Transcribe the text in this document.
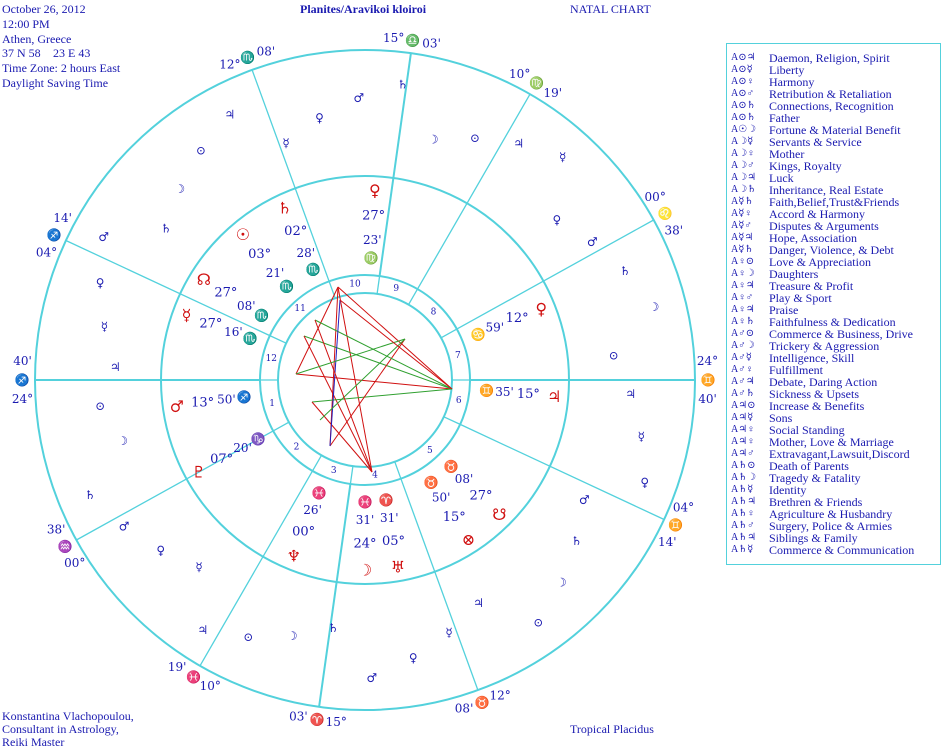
October 26, 2012
12:00 PM
Athen, Greece
37 N 58 23 E 43
Time Zone: 2 hours East
Daylight Saving Time
Planites/Aravikoi kloiroi	NATAL CHART
Konstantina Vlachopoulou,
Consultant in Astrology,
Reiki Master
Tropical Placidus
24°
♐
40'
00°
♒
38'
10°
♓
19'
15°
♈
03'
12°
♉
08'
04°
♊
14'
24°
♊
40'
00°
♌
38'
10°
♍
19'
15° ♎ 03'
12° ♏ 08'
04°
♐
14'
1
2
3	4
5
6
7
8
9
10
11
12
♀
27°
♍
23'
♄
02°
♏
28'
☉
03°
♏
21'
☊
27°
♏
08'
☿ 27°
♏
16'
♂ 13° ♐
50'
♇
07°
♑
20'
♆
00°
♓
26'
☽
24°
♓
31'
♅
05°
♈
31'
⊗
15°
♉
50'
☋
27°
♉
08'
♃
15°
♊ 35'
♀
12°
♋ 59'
♃
☿
♀
♂
♄
☽
⊙
♃
☿
♀
♂
♄
☽	⊙	♃
☿
♀
♂
♄
☽
⊙
♃
☿
♀
♂
♄
☽
⊙
♃
☿
♀
♂
♄
☽
⊙
♃
☿
♀
♂
♄
☽
⊙
A⊙♃	Daemon, Religion, Spirit
A⊙☿	Liberty
A⊙♀	Harmony
A⊙♂	Retribution & Retaliation
A⊙♄	Connections, Recognition
A⊙♄	Father
A☉☽	Fortune & Material Benefit
A☽☿	Servants & Service
A☽♀	Mother
A☽♂	Kings, Royalty
A☽♃	Luck
A☽♄	Inheritance, Real Estate
A☿♄	Faith,Belief,Trust&Friends
A☿♀	Accord & Harmony
A☿♂	Disputes & Arguments
A☿♃	Hope, Association
A☿♄	Danger, Violence, & Debt
A♀⊙	Love & Appreciation
A♀☽	Daughters
A♀♃	Treasure & Profit
A♀♂	Play & Sport
A♀♃	Praise
A♀♄	Faithfulness & Dedication
A♂⊙	Commerce & Business, Drive
A♂☽	Trickery & Aggression
A♂☿	Intelligence, Skill
A♂♀	Fulfillment
A♂♃	Debate, Daring Action
A♂♄	Sickness & Upsets
A♃⊙	Increase & Benefits
A♃☿	Sons
A♃♀	Social Standing
A♃♀	Mother, Love & Marriage
A♃♂	Extravagant,Lawsuit,Discord
A♄⊙	Death of Parents
A♄☽	Tragedy & Fatality
A♄☿	Identity
A♄♃	Brethren & Friends
A♄♀	Agriculture & Husbandry
A♄♂	Surgery, Police & Armies
A♄♃	Siblings & Family
A♄☿	Commerce & Communication
